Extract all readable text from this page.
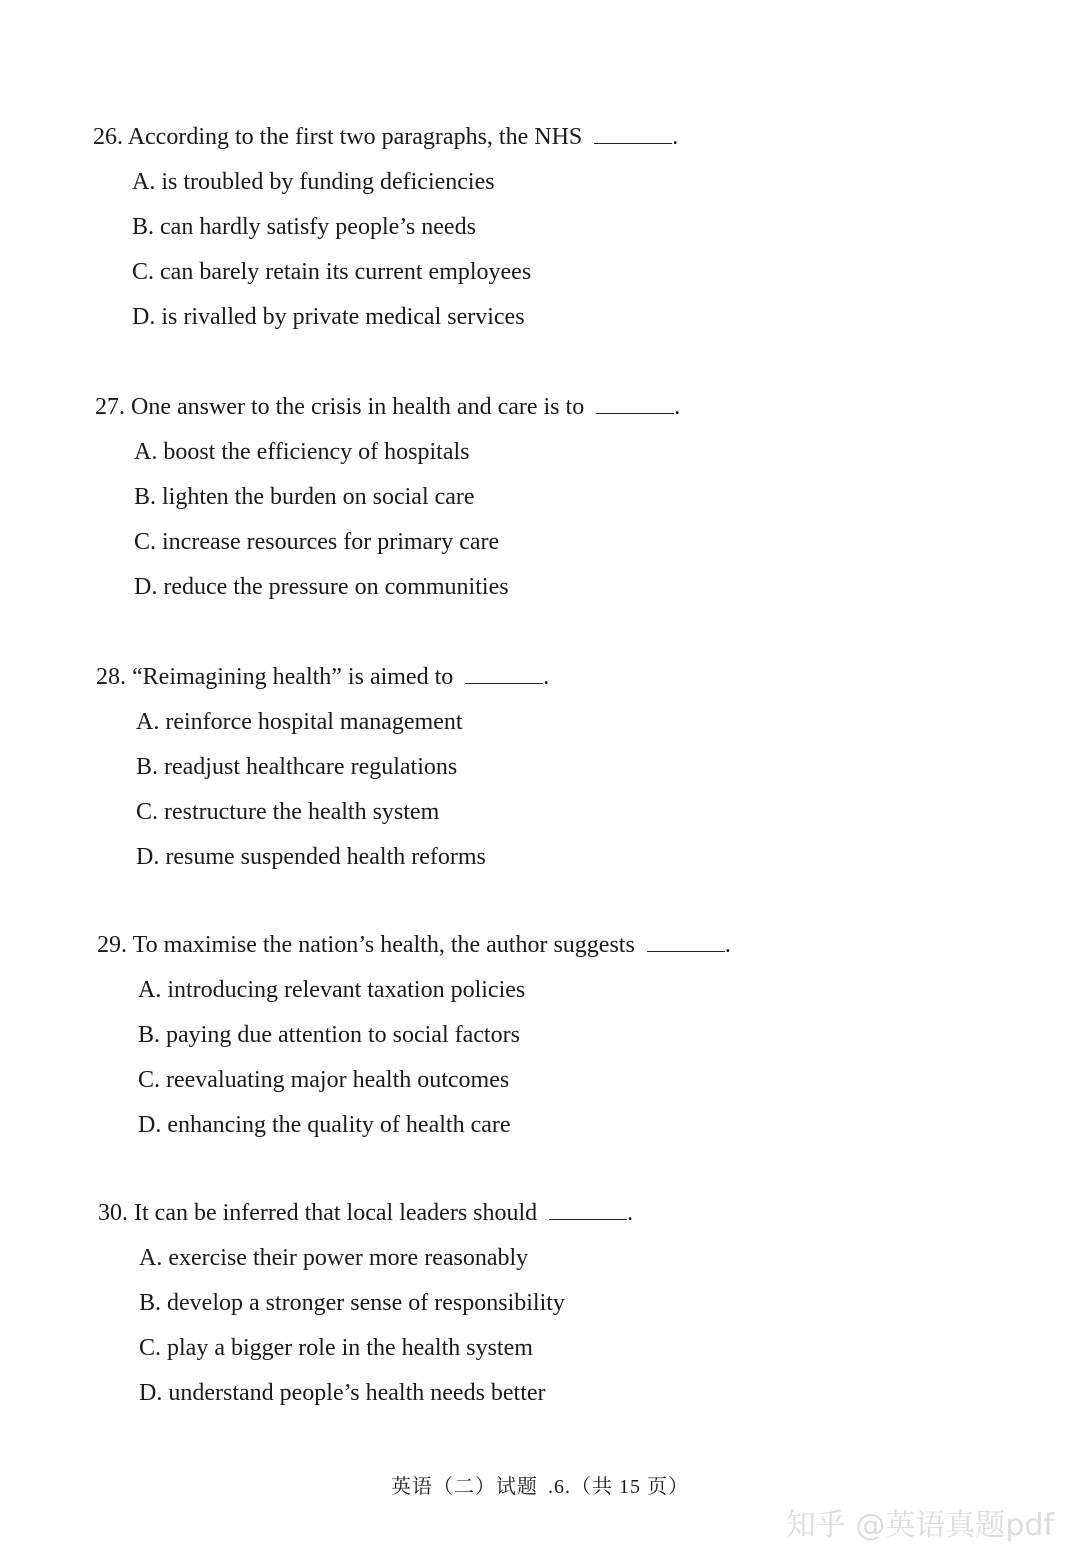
26. According to the first two paragraphs, the NHS	.
A. is troubled by funding deficiencies
B. can hardly satisfy people’s needs
C. can barely retain its current employees
D. is rivalled by private medical services
27. One answer to the crisis in health and care is to	.
A. boost the efficiency of hospitals
B. lighten the burden on social care
C. increase resources for primary care
D. reduce the pressure on communities
28. “Reimagining health” is aimed to	.
A. reinforce hospital management
B. readjust healthcare regulations
C. restructure the health system
D. resume suspended health reforms
29. To maximise the nation’s health, the author suggests	.
A. introducing relevant taxation policies
B. paying due attention to social factors
C. reevaluating major health outcomes
D. enhancing the quality of health care
30. It can be inferred that local leaders should	.
A. exercise their power more reasonably
B. develop a stronger sense of responsibility
C. play a bigger role in the health system
D. understand people’s health needs better
英语（二）试题 .6.（共 15 页）
知乎 @英语真题pdf
